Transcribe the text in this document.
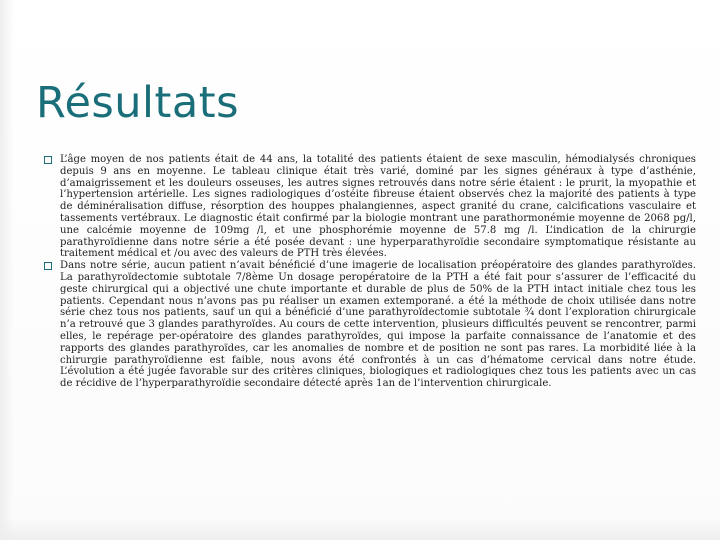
Résultats

L’âge moyen de nos patients était de 44 ans, la totalité des patients étaient de sexe masculin, hémodialysés chroniques depuis 9 ans en moyenne. Le tableau clinique était très varié, dominé par les signes généraux à type d’asthénie, d’amaigrissement et les douleurs osseuses, les autres signes retrouvés dans notre série étaient : le prurit, la myopathie et l’hypertension artérielle. Les signes radiologiques d’ostéite fibreuse étaient observés chez la majorité des patients à type de déminéralisation diffuse, résorption des houppes phalangiennes, aspect granité du crane, calcifications vasculaire et tassements vertébraux. Le diagnostic était confirmé par la biologie montrant une parathormonémie moyenne de 2068 pg/l, une calcémie moyenne de 109mg /l, et une phosphorémie moyenne de 57.8 mg /l. L’indication de la chirurgie parathyroïdienne dans notre série a été posée devant : une hyperparathyroïdie secondaire symptomatique résistante au traitement médical et /ou avec des valeurs de PTH très élevées.

Dans notre série, aucun patient n’avait bénéficié d’une imagerie de localisation préopératoire des glandes parathyroïdes. La parathyroïdectomie subtotale 7/8ème Un dosage peropératoire de la PTH a été fait pour s’assurer de l’efficacité du geste chirurgical qui a objectivé une chute importante et durable de plus de 50% de la PTH intact initiale chez tous les patients. Cependant nous n’avons pas pu réaliser un examen extemporané. a été la méthode de choix utilisée dans notre série chez tous nos patients, sauf un qui a bénéficié d’une parathyroïdectomie subtotale ¾ dont l’exploration chirurgicale n’a retrouvé que 3 glandes parathyroïdes. Au cours de cette intervention, plusieurs difficultés peuvent se rencontrer, parmi elles, le repérage per-opératoire des glandes parathyroïdes, qui impose la parfaite connaissance de l’anatomie et des rapports des glandes parathyroïdes, car les anomalies de nombre et de position ne sont pas rares. La morbidité liée à la chirurgie parathyroïdienne est faible, nous avons été confrontés à un cas d’hématome cervical dans notre étude. L’évolution a été jugée favorable sur des critères cliniques, biologiques et radiologiques chez tous les patients avec un cas de récidive de l’hyperparathyroïdie secondaire détecté après 1an de l’intervention chirurgicale.
